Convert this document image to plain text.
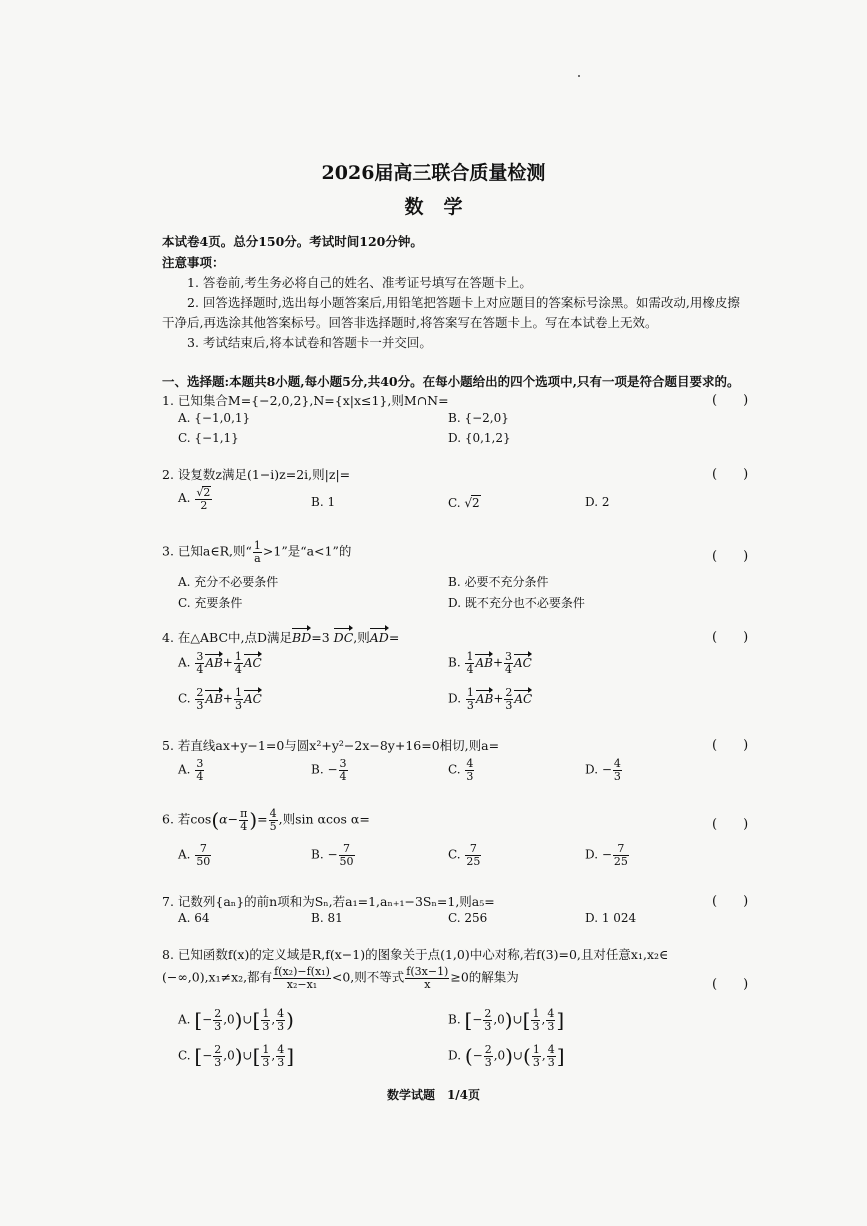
2026届高三联合质量检测
数学
本试卷4页。总分150分。考试时间120分钟。
注意事项：
1. 答卷前,考生务必将自己的姓名、准考证号填写在答题卡上。
2. 回答选择题时,选出每小题答案后,用铅笔把答题卡上对应题目的答案标号涂黑。如需改动,用橡皮擦
干净后,再选涂其他答案标号。回答非选择题时,将答案写在答题卡上。写在本试卷上无效。
3. 考试结束后,将本试卷和答题卡一并交回。
一、选择题:本题共8小题,每小题5分,共40分。在每小题给出的四个选项中,只有一项是符合题目要求的。
1. 已知集合M={−2,0,2},N={x|x≤1},则M∩N=	(　　)
A. {−1,0,1}	B. {−2,0}
C. {−1,1}	D. {0,1,2}
2. 设复数z满足(1−i)z=2i,则|z|=	(　　)
A. $\frac{√2}{2}$	B. 1	C. √2	D. 2
3. 已知a∈R,则“ $\frac{1}{a} >1$”是“a<1”的	(　　)
A. 充分不必要条件	B. 必要不充分条件
C. 充要条件	D. 既不充分也不必要条件
4. 在△ABC中,点D满足BD=3 DC,则AD=	(　　)
A. $\frac{3}{4} AB+ \frac{1}{4}$ AC	B. $\frac{1}{4} AB+ \frac{3}{4}$ AC
C. $\frac{2}{3} AB+ \frac{1}{3}$ AC	D. $\frac{1}{3} AB+ \frac{2}{3}$ AC
5. 若直线ax+y−1=0与圆x²+y²−2x−8y+16=0相切,则a=	(　　)
A. $\frac{3}{4}$	B. − $\frac{3}{4}$	C. $\frac{4}{3}$	D. − $\frac{4}{3}$
6. 若$\cos(\alpha- \frac{\pi}{4}$ )= $\frac{4}{5}$ ,则sin αcos α=	(　　)
A. $\frac{7}{50}$	B. − $\frac{7}{50}$	C. $\frac{7}{25}$	D. − $\frac{7}{25}$
7. 记数列{aₙ}的前n项和为Sₙ,若a₁=1,aₙ₊₁−3Sₙ=1,则a₅=	(　　)
A. 64	B. 81	C. 256	D. 1 024
8. 已知函数f(x)的定义域是R,f(x−1)的图象关于点(1,0)中心对称,若f(3)=0,且对任意x₁,x₂∈
(−∞,0),x₁≠x₂,都有 $\frac{\text{f(x₂)−f(x₁)}}{\text{x₂−x₁}} <0$,则不等式 $\frac{f(3x-1)}{x} \ge 0$的解集为	(　　)
A. [− $\frac{2}{3}$ ,0)∪[ $\frac{1}{3}$ , $\frac{4}{3}$ )	B. [− $\frac{2}{3}$ ,0)∪[ $\frac{1}{3}$ , $\frac{4}{3}$ ]
C. [− $\frac{2}{3}$ ,0)∪[ $\frac{1}{3}$ , $\frac{4}{3}$ ]	D. (− $\frac{2}{3}$ ,0)∪( $\frac{1}{3}$ , $\frac{4}{3}$ ]
数学试题　1/4页
